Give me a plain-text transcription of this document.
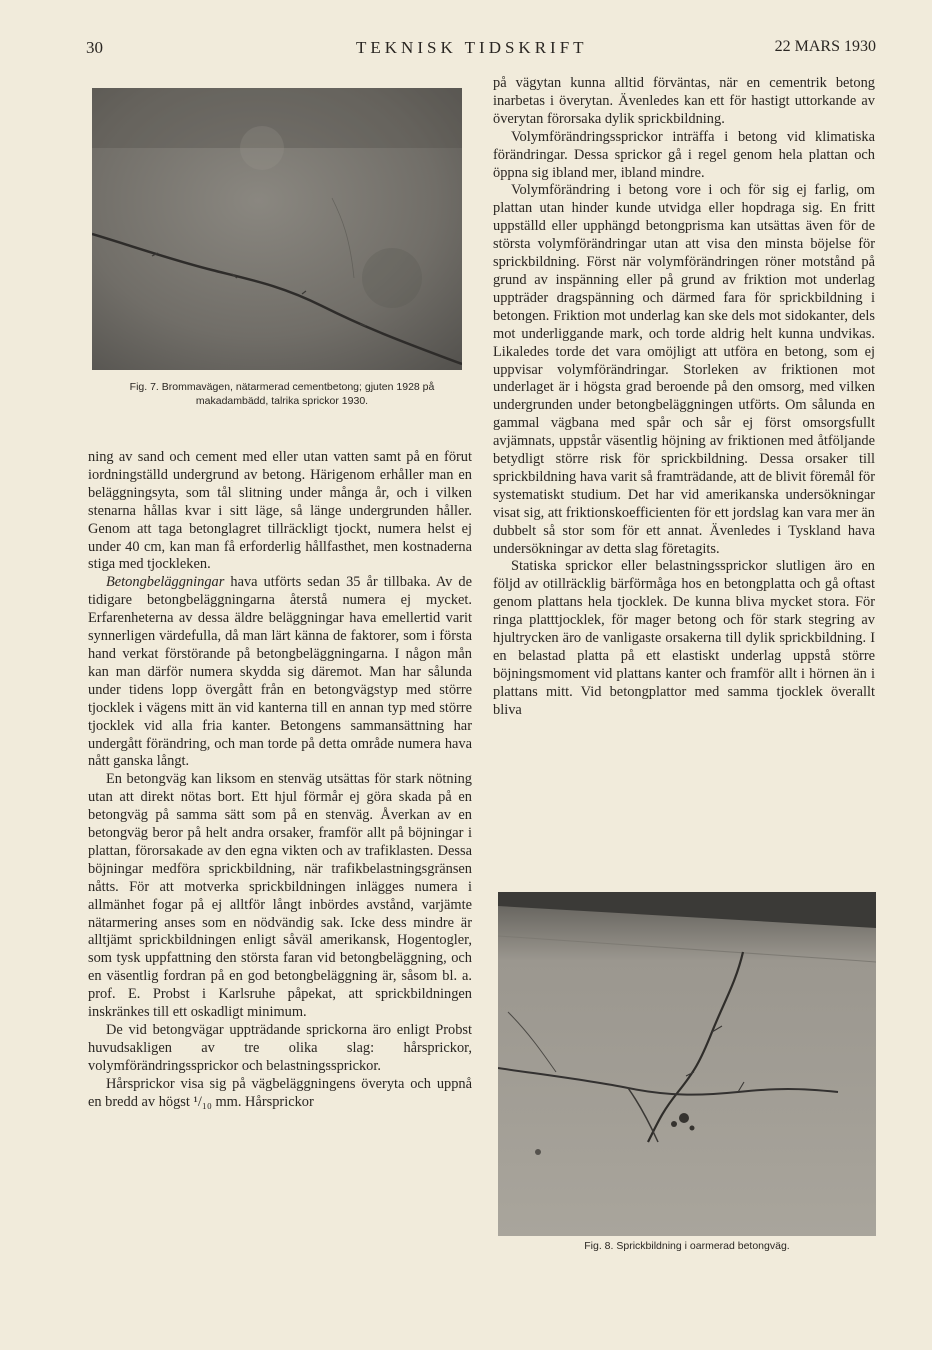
30	TEKNISK TIDSKRIFT	22 MARS 1930
Fig. 7. Brommavägen, nätarmerad cementbetong; gjuten 1928 på
makadambädd, talrika sprickor 1930.

ning av sand och cement med eller utan vatten samt på en förut iordningställd undergrund av betong. Härigenom erhåller man en beläggningsyta, som tål slitning under många år, och i vilken stenarna hållas kvar i sitt läge, så länge undergrunden håller. Genom att taga betonglagret tillräckligt tjockt, numera helst ej under 40 cm, kan man få erforderlig hållfasthet, men kostnaderna stiga med tjockleken.

Betongbeläggningar hava utförts sedan 35 år tillbaka. Av de tidigare betongbeläggningarna återstå numera ej mycket. Erfarenheterna av dessa äldre beläggningar hava emellertid varit synnerligen värdefulla, då man lärt känna de faktorer, som i första hand verkat förstörande på betongbeläggningarna. I någon mån kan man därför numera skydda sig däremot. Man har sålunda under tidens lopp övergått från en betongvägstyp med större tjocklek i vägens mitt än vid kanterna till en annan typ med större tjocklek vid alla fria kanter. Betongens sammansättning har undergått förändring, och man torde på detta område numera hava nått ganska långt.

En betongväg kan liksom en stenväg utsättas för stark nötning utan att direkt nötas bort. Ett hjul förmår ej göra skada på en betongväg på samma sätt som på en stenväg. Åverkan av en betongväg beror på helt andra orsaker, framför allt på böjningar i plattan, förorsakade av den egna vikten och av trafiklasten. Dessa böjningar medföra sprickbildning, när trafikbelastningsgränsen nåtts. För att motverka sprickbildningen inlägges numera i allmänhet fogar på ej alltför långt inbördes avstånd, varjämte nätarmering anses som en nödvändig sak. Icke dess mindre är alltjämt sprickbildningen enligt såväl amerikansk, Hogentogler, som tysk uppfattning den största faran vid betongbeläggning, och en väsentlig fordran på en god betongbeläggning är, såsom bl. a. prof. E. Probst i Karlsruhe påpekat, att sprickbildningen inskränkes till ett oskadligt minimum.

De vid betongvägar uppträdande sprickorna äro enligt Probst huvudsakligen av tre olika slag: hårsprickor, volymförändringssprickor och belastningssprickor.

Hårsprickor visa sig på vägbeläggningens överyta och uppnå en bredd av högst ¹/₁₀ mm. Hårsprickor

på vägytan kunna alltid förväntas, när en cementrik betong inarbetas i överytan. Ävenledes kan ett för hastigt uttorkande av överytan förorsaka dylik sprickbildning.

Volymförändringssprickor inträffa i betong vid klimatiska förändringar. Dessa sprickor gå i regel genom hela plattan och öppna sig ibland mer, ibland mindre.

Volymförändring i betong vore i och för sig ej farlig, om plattan utan hinder kunde utvidga eller hopdraga sig. En fritt uppställd eller upphängd betongprisma kan utsättas även för de största volymförändringar utan att visa den minsta böjelse för sprickbildning. Först när volymförändringen röner motstånd på grund av inspänning eller på grund av friktion mot underlag uppträder dragspänning och därmed fara för sprickbildning i betongen. Friktion mot underlag kan ske dels mot sidokanter, dels mot underliggande mark, och torde aldrig helt kunna undvikas. Likaledes torde det vara omöjligt att utföra en betong, som ej uppvisar volymförändringar. Storleken av friktionen mot underlaget är i högsta grad beroende på den omsorg, med vilken undergrunden under betongbeläggningen utförts. Om sålunda en gammal vägbana med spår och sår ej först omsorgsfullt avjämnats, uppstår väsentlig höjning av friktionen med åtföljande betydligt större risk för sprickbildning. Dessa orsaker till sprickbildning hava varit så framträdande, att de blivit föremål för systematiskt studium. Det har vid amerikanska undersökningar visat sig, att friktionskoefficienten för ett jordslag kan vara mer än dubbelt så stor som för ett annat. Ävenledes i Tyskland hava undersökningar av detta slag företagits.

Statiska sprickor eller belastningssprickor slutligen äro en följd av otillräcklig bärförmåga hos en betongplatta och gå oftast genom plattans hela tjocklek. De kunna bliva mycket stora. För ringa platttjocklek, för mager betong och för stark stegring av hjultrycken äro de vanligaste orsakerna till dylik sprickbildning. I en belastad platta på ett elastiskt underlag uppstå större böjningsmoment vid plattans kanter och framför allt i hörnen än i plattans mitt. Vid betongplattor med samma tjocklek överallt bliva

Fig. 8. Sprickbildning i oarmerad betongväg.
